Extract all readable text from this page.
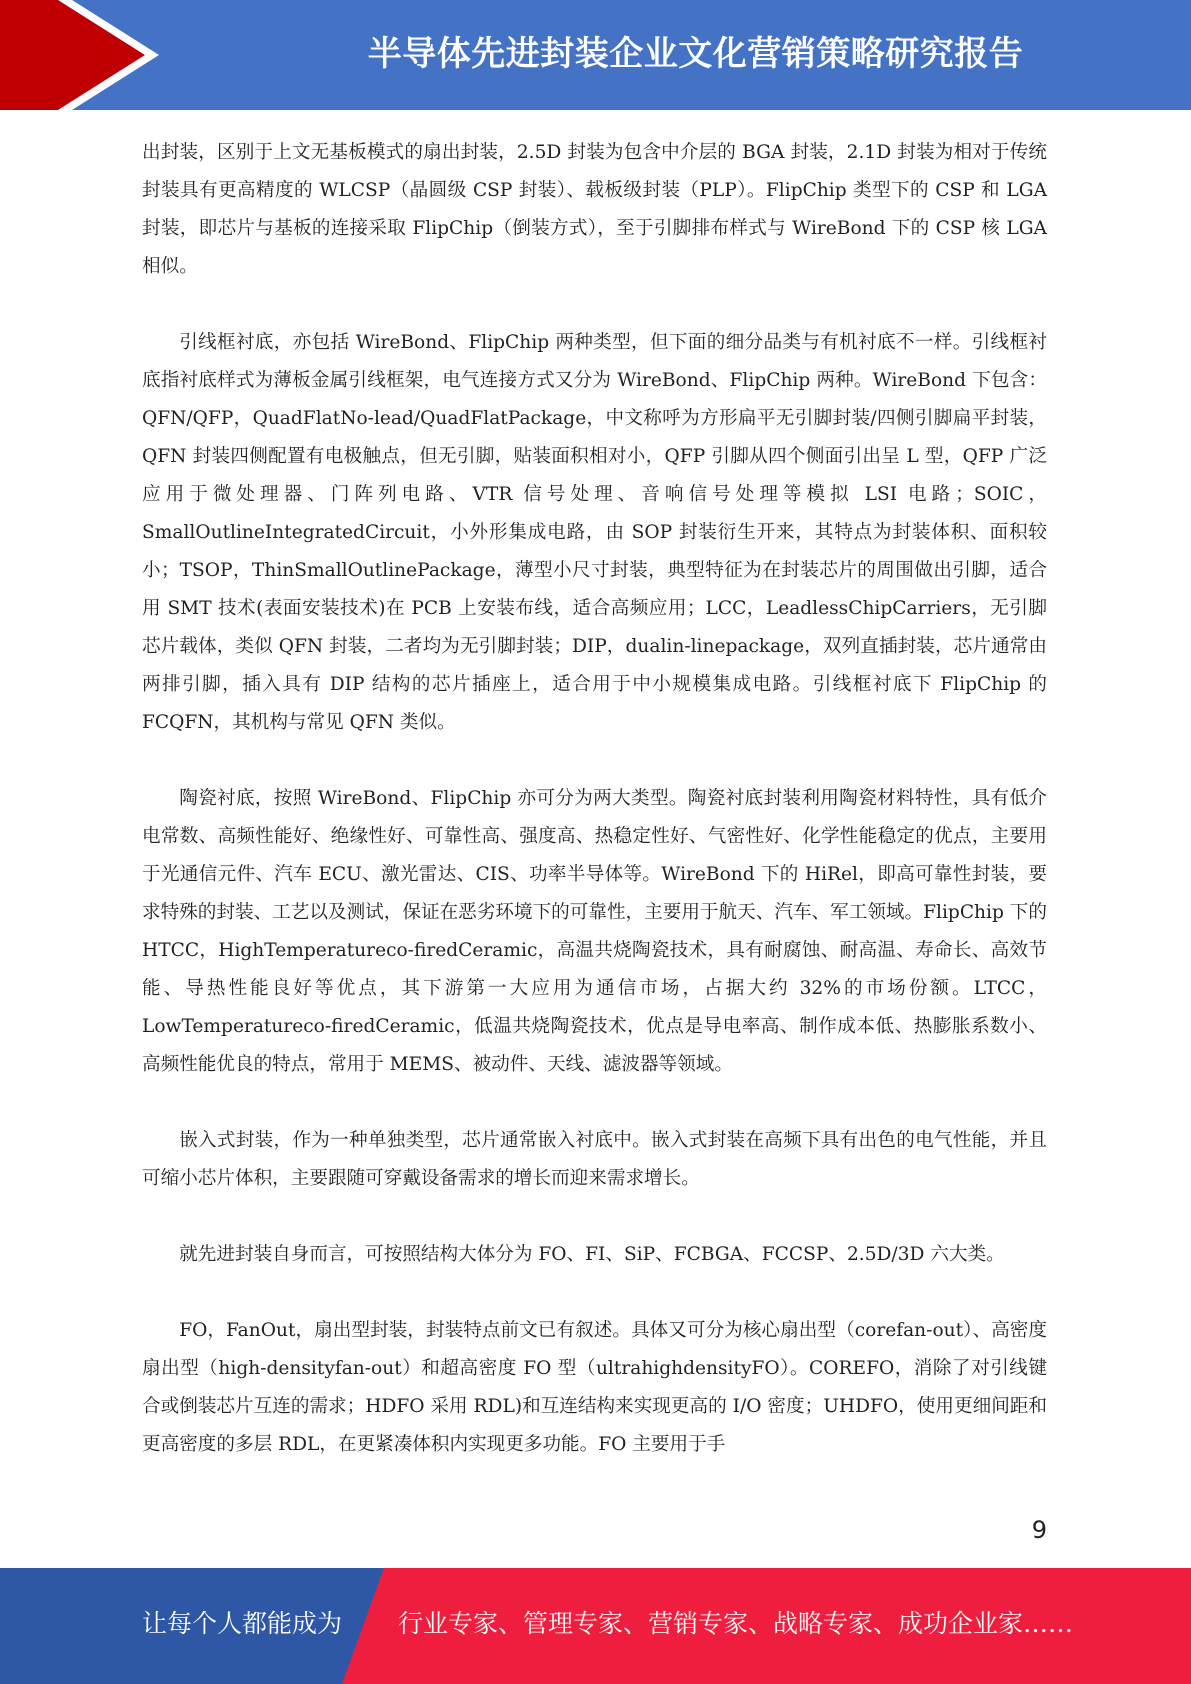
半导体先进封装企业文化营销策略研究报告

出封装，区别于上文无基板模式的扇出封装，2.5D 封装为包含中介层的 BGA 封装，2.1D 封装为相对于传统封装具有更高精度的 WLCSP（晶圆级 CSP 封装）、载板级封装（PLP）。FlipChip 类型下的 CSP 和 LGA 封装，即芯片与基板的连接采取 FlipChip（倒装方式），至于引脚排布样式与 WireBond 下的 CSP 核 LGA 相似。

引线框衬底，亦包括 WireBond、FlipChip 两种类型，但下面的细分品类与有机衬底不一样。引线框衬底指衬底样式为薄板金属引线框架，电气连接方式又分为 WireBond、FlipChip 两种。WireBond 下包含：QFN/QFP，QuadFlatNo-lead/QuadFlatPackage，中文称呼为方形扁平无引脚封装/四侧引脚扁平封装，QFN 封装四侧配置有电极触点，但无引脚，贴装面积相对小，QFP 引脚从四个侧面引出呈 L 型，QFP 广泛应用于微处理器、门阵列电路、VTR 信号处理、音响信号处理等模拟 LSI 电路；SOIC，SmallOutlineIntegratedCircuit，小外形集成电路，由 SOP 封装衍生开来，其特点为封装体积、面积较小；TSOP，ThinSmallOutlinePackage，薄型小尺寸封装，典型特征为在封装芯片的周围做出引脚，适合用 SMT 技术(表面安装技术)在 PCB 上安装布线，适合高频应用；LCC，LeadlessChipCarriers，无引脚芯片载体，类似 QFN 封装，二者均为无引脚封装；DIP，dualin-linepackage，双列直插封装，芯片通常由两排引脚，插入具有 DIP 结构的芯片插座上，适合用于中小规模集成电路。引线框衬底下 FlipChip 的 FCQFN，其机构与常见 QFN 类似。

陶瓷衬底，按照 WireBond、FlipChip 亦可分为两大类型。陶瓷衬底封装利用陶瓷材料特性，具有低介电常数、高频性能好、绝缘性好、可靠性高、强度高、热稳定性好、气密性好、化学性能稳定的优点，主要用于光通信元件、汽车 ECU、激光雷达、CIS、功率半导体等。WireBond 下的 HiRel，即高可靠性封装，要求特殊的封装、工艺以及测试，保证在恶劣环境下的可靠性，主要用于航天、汽车、军工领域。FlipChip 下的 HTCC，HighTemperatureco-firedCeramic，高温共烧陶瓷技术，具有耐腐蚀、耐高温、寿命长、高效节能、导热性能良好等优点，其下游第一大应用为通信市场，占据大约 32%的市场份额。LTCC，LowTemperatureco-firedCeramic，低温共烧陶瓷技术，优点是导电率高、制作成本低、热膨胀系数小、高频性能优良的特点，常用于 MEMS、被动件、天线、滤波器等领域。

嵌入式封装，作为一种单独类型，芯片通常嵌入衬底中。嵌入式封装在高频下具有出色的电气性能，并且可缩小芯片体积，主要跟随可穿戴设备需求的增长而迎来需求增长。

就先进封装自身而言，可按照结构大体分为 FO、FI、SiP、FCBGA、FCCSP、2.5D/3D 六大类。

FO，FanOut，扇出型封装，封装特点前文已有叙述。具体又可分为核心扇出型（corefan-out）、高密度扇出型（high-densityfan-out）和超高密度 FO 型（ultrahighdensityFO）。COREFO，消除了对引线键合或倒装芯片互连的需求；HDFO 采用 RDL)和互连结构来实现更高的 I/O 密度；UHDFO，使用更细间距和更高密度的多层 RDL，在更紧凑体积内实现更多功能。FO 主要用于手

9
让每个人都能成为 行业专家、管理专家、营销专家、战略专家、成功企业家……
